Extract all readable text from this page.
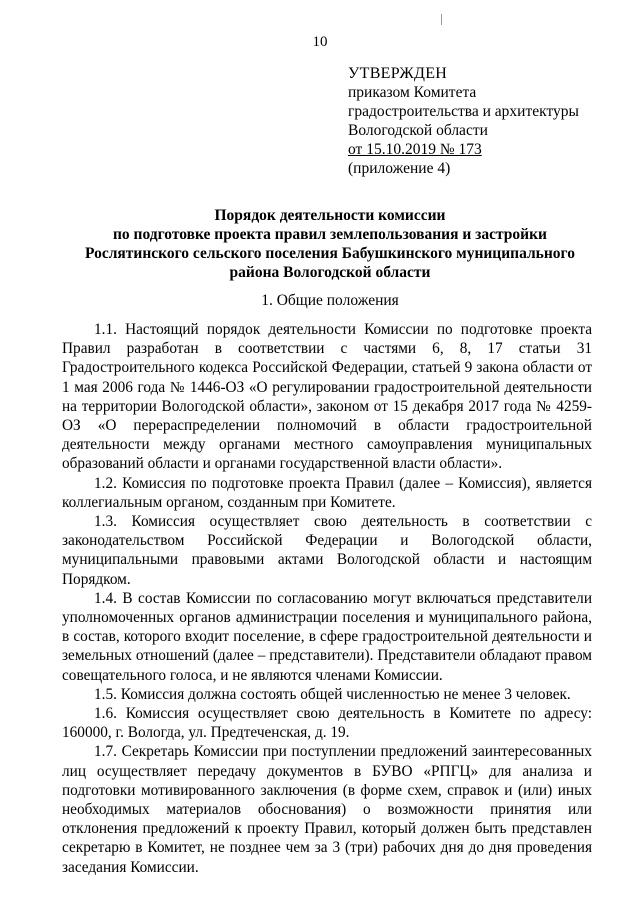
10
УТВЕРЖДЕН
приказом Комитета
градостроительства и архитектуры
Вологодской области
от 15.10.2019 № 173
(приложение 4)
Порядок деятельности комиссии
по подготовке проекта правил землепользования и застройки
Рослятинского сельского поселения Бабушкинского муниципального
района Вологодской области
1. Общие положения

1.1. Настоящий порядок деятельности Комиссии по подготовке проекта Правил разработан в соответствии с частями 6, 8, 17 статьи 31 Градостроительного кодекса Российской Федерации, статьей 9 закона области от 1 мая 2006 года № 1446-ОЗ «О регулировании градостроительной деятельности на территории Вологодской области», законом от 15 декабря 2017 года № 4259-ОЗ «О перераспределении полномочий в области градостроительной деятельности между органами местного самоуправления муниципальных образований области и органами государственной власти области».

1.2. Комиссия по подготовке проекта Правил (далее – Комиссия), является коллегиальным органом, созданным при Комитете.

1.3. Комиссия осуществляет свою деятельность в соответствии с законодательством Российской Федерации и Вологодской области, муниципальными правовыми актами Вологодской области и настоящим Порядком.

1.4. В состав Комиссии по согласованию могут включаться представители уполномоченных органов администрации поселения и муниципального района, в состав, которого входит поселение, в сфере градостроительной деятельности и земельных отношений (далее – представители). Представители обладают правом совещательного голоса, и не являются членами Комиссии.

1.5. Комиссия должна состоять общей численностью не менее 3 человек.

1.6. Комиссия осуществляет свою деятельность в Комитете по адресу: 160000, г. Вологда, ул. Предтеченская, д. 19.

1.7. Секретарь Комиссии при поступлении предложений заинтересованных лиц осуществляет передачу документов в БУВО «РПГЦ» для анализа и подготовки мотивированного заключения (в форме схем, справок и (или) иных необходимых материалов обоснования) о возможности принятия или отклонения предложений к проекту Правил, который должен быть представлен секретарю в Комитет, не позднее чем за 3 (три) рабочих дня до дня проведения заседания Комиссии.
